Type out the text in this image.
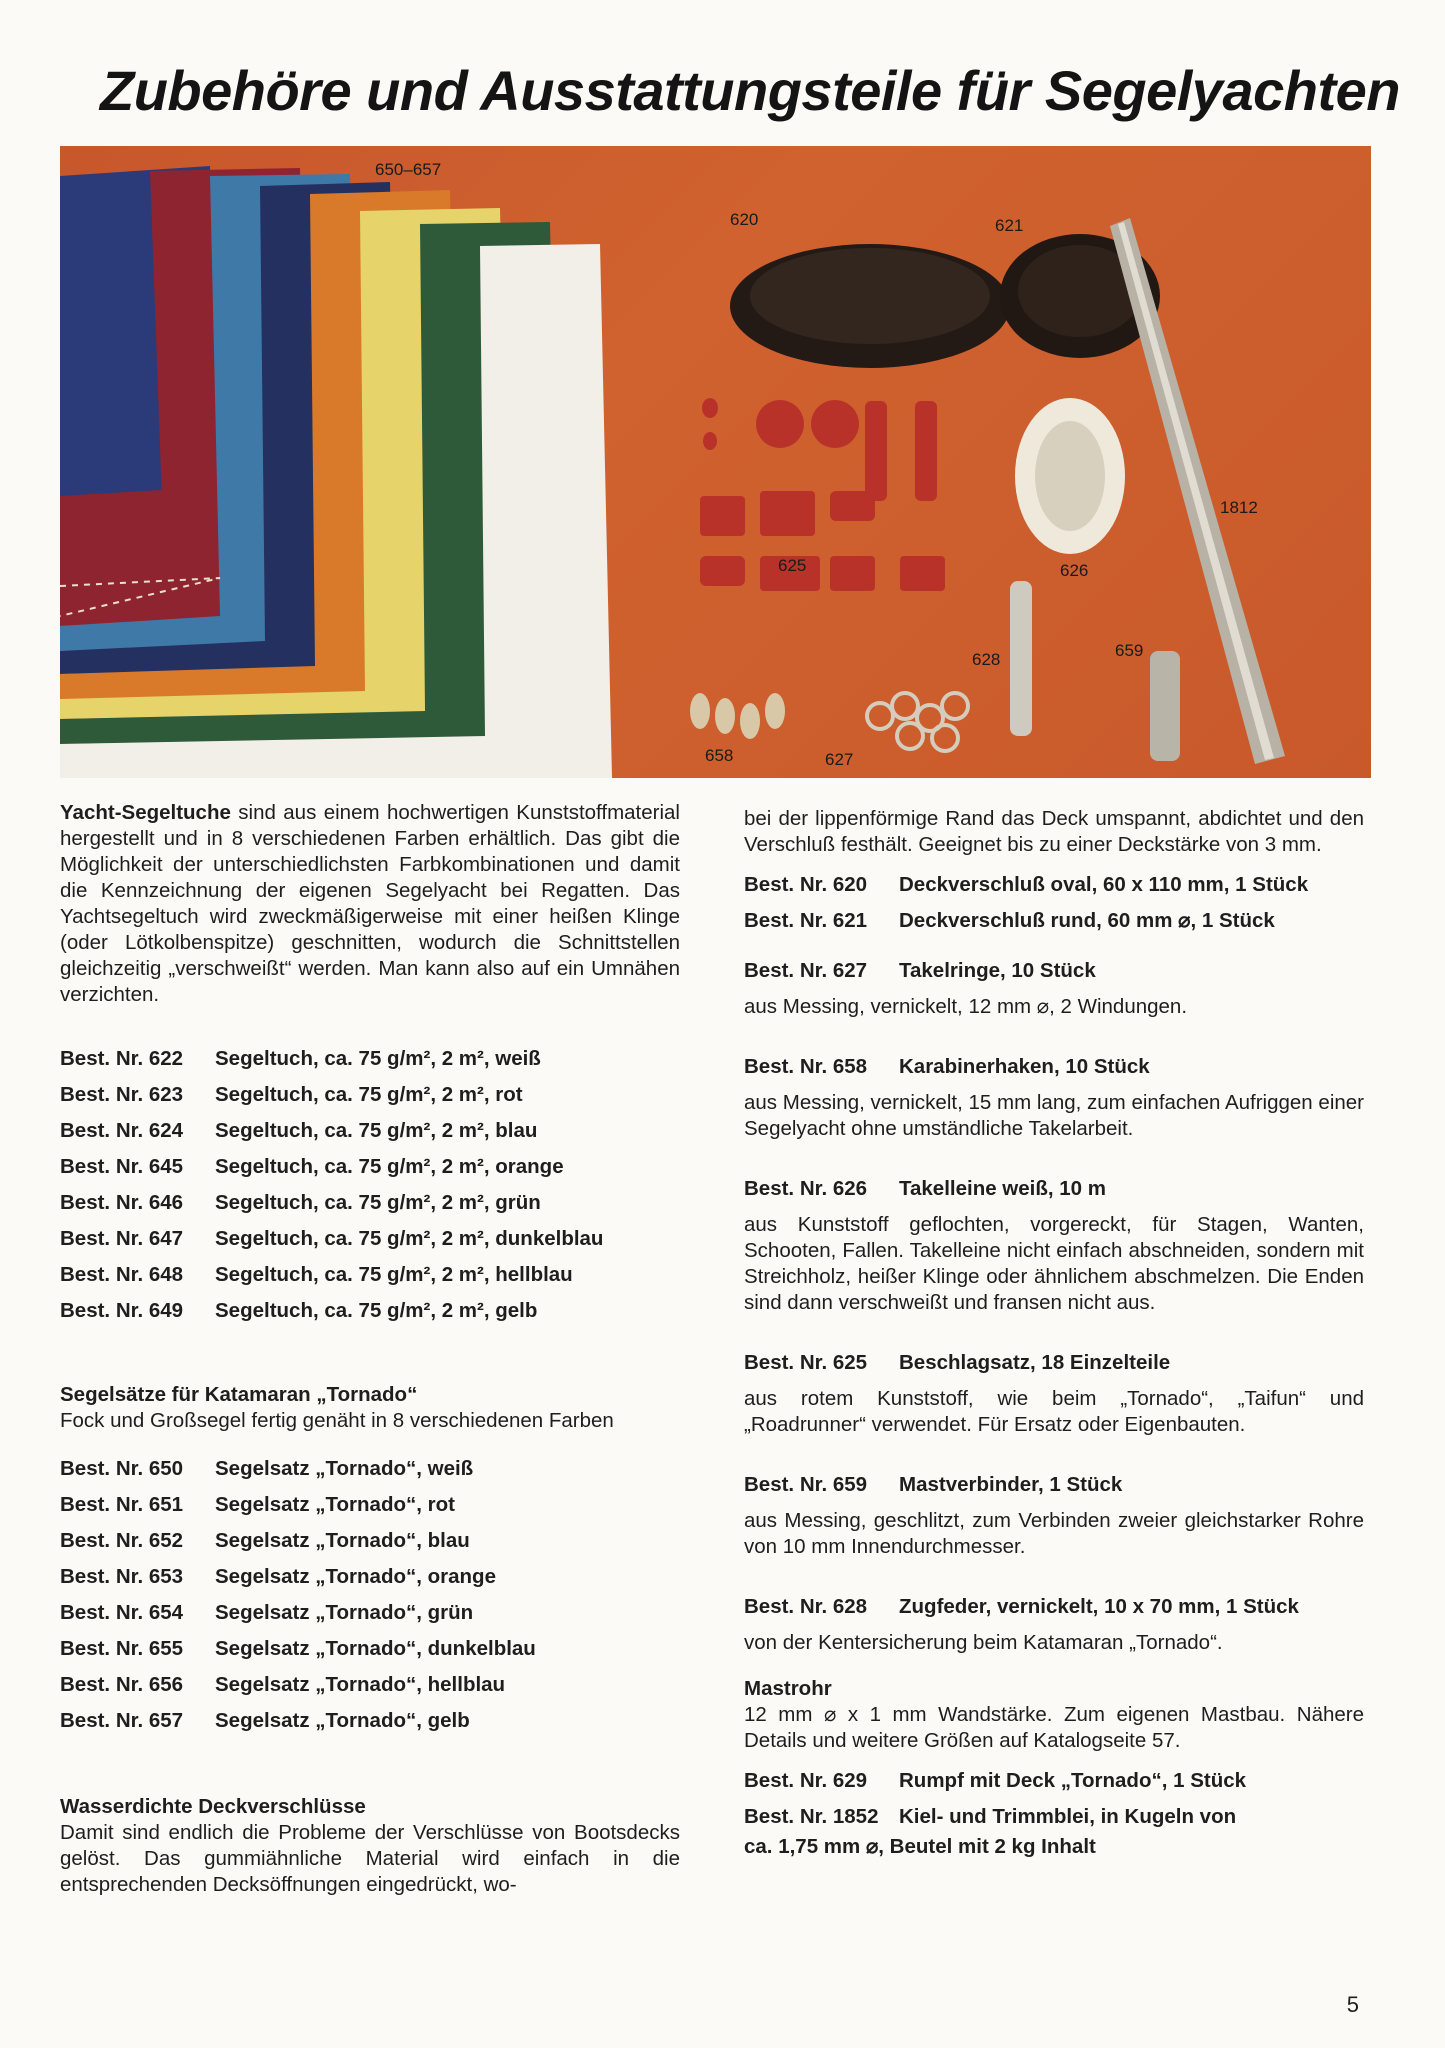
Zubehöre und Ausstattungsteile für Segelyachten
650–657
620	621
1812
625	626
628	659
658	627

Yacht-Segeltuche sind aus einem hochwertigen Kunststoffmaterial hergestellt und in 8 verschiedenen Farben erhältlich. Das gibt die Möglichkeit der unterschiedlichsten Farbkombinationen und damit die Kennzeichnung der eigenen Segelyacht bei Regatten. Das Yachtsegeltuch wird zweckmäßigerweise mit einer heißen Klinge (oder Lötkolbenspitze) geschnitten, wodurch die Schnittstellen gleichzeitig „verschweißt“ werden. Man kann also auf ein Umnähen verzichten.

Best. Nr. 622	Segeltuch, ca. 75 g/m², 2 m², weiß
Best. Nr. 623	Segeltuch, ca. 75 g/m², 2 m², rot
Best. Nr. 624	Segeltuch, ca. 75 g/m², 2 m², blau
Best. Nr. 645	Segeltuch, ca. 75 g/m², 2 m², orange
Best. Nr. 646	Segeltuch, ca. 75 g/m², 2 m², grün
Best. Nr. 647	Segeltuch, ca. 75 g/m², 2 m², dunkelblau
Best. Nr. 648	Segeltuch, ca. 75 g/m², 2 m², hellblau
Best. Nr. 649	Segeltuch, ca. 75 g/m², 2 m², gelb

Segelsätze für Katamaran „Tornado“

Fock und Großsegel fertig genäht in 8 verschiedenen Farben

Best. Nr. 650	Segelsatz „Tornado“, weiß
Best. Nr. 651	Segelsatz „Tornado“, rot
Best. Nr. 652	Segelsatz „Tornado“, blau
Best. Nr. 653	Segelsatz „Tornado“, orange
Best. Nr. 654	Segelsatz „Tornado“, grün
Best. Nr. 655	Segelsatz „Tornado“, dunkelblau
Best. Nr. 656	Segelsatz „Tornado“, hellblau
Best. Nr. 657	Segelsatz „Tornado“, gelb

Wasserdichte Deckverschlüsse

Damit sind endlich die Probleme der Verschlüsse von Bootsdecks gelöst. Das gummiähnliche Material wird einfach in die entsprechenden Decksöffnungen eingedrückt, wo-

bei der lippenförmige Rand das Deck umspannt, abdichtet und den Verschluß festhält. Geeignet bis zu einer Deckstärke von 3 mm.

Best. Nr. 620	Deckverschluß oval, 60 x 110 mm, 1 Stück
Best. Nr. 621	Deckverschluß rund, 60 mm ⌀, 1 Stück
Best. Nr. 627	Takelringe, 10 Stück

aus Messing, vernickelt, 12 mm ⌀, 2 Windungen.

Best. Nr. 658	Karabinerhaken, 10 Stück

aus Messing, vernickelt, 15 mm lang, zum einfachen Aufriggen einer Segelyacht ohne umständliche Takelarbeit.

Best. Nr. 626	Takelleine weiß, 10 m

aus Kunststoff geflochten, vorgereckt, für Stagen, Wanten, Schooten, Fallen. Takelleine nicht einfach abschneiden, sondern mit Streichholz, heißer Klinge oder ähnlichem abschmelzen. Die Enden sind dann verschweißt und fransen nicht aus.

Best. Nr. 625	Beschlagsatz, 18 Einzelteile

aus rotem Kunststoff, wie beim „Tornado“, „Taifun“ und „Roadrunner“ verwendet. Für Ersatz oder Eigenbauten.

Best. Nr. 659	Mastverbinder, 1 Stück

aus Messing, geschlitzt, zum Verbinden zweier gleichstarker Rohre von 10 mm Innendurchmesser.

Best. Nr. 628	Zugfeder, vernickelt, 10 x 70 mm, 1 Stück

von der Kentersicherung beim Katamaran „Tornado“.

Mastrohr

12 mm ⌀ x 1 mm Wandstärke. Zum eigenen Mastbau. Nähere Details und weitere Größen auf Katalogseite 57.

Best. Nr. 629	Rumpf mit Deck „Tornado“, 1 Stück
Best. Nr. 1852	Kiel- und Trimmblei, in Kugeln von

ca. 1,75 mm ⌀, Beutel mit 2 kg Inhalt

5
